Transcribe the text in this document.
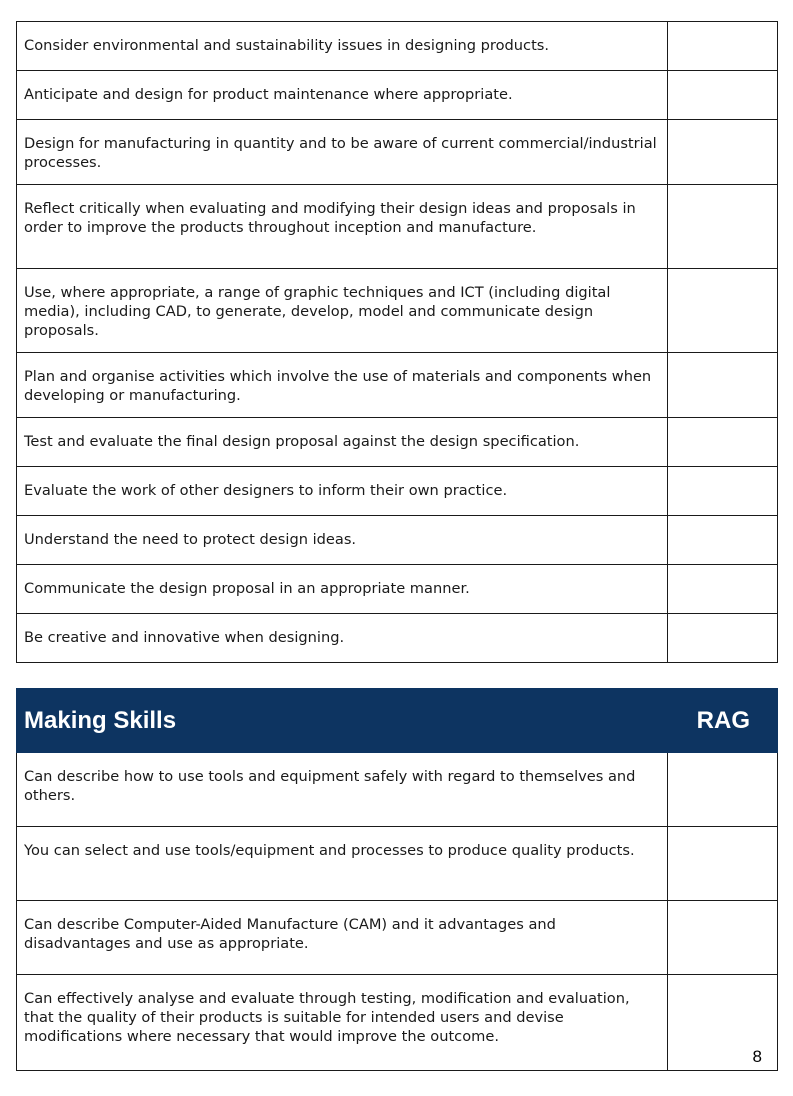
Consider environmental and sustainability issues in designing products.	

Anticipate and design for product maintenance where appropriate.	

Design for manufacturing in quantity and to be aware of current commercial/industrial processes.	

Reflect critically when evaluating and modifying their design ideas and proposals in order to improve the products throughout inception and manufacture.	

Use, where appropriate, a range of graphic techniques and ICT (including digital media), including CAD, to generate, develop, model and communicate design proposals.	

Plan and organise activities which involve the use of materials and components when developing or manufacturing.	

Test and evaluate the final design proposal against the design specification.	

Evaluate the work of other designers to inform their own practice.	

Understand the need to protect design ideas.	

Communicate the design proposal in an appropriate manner.	

Be creative and innovative when designing.	

Making Skills	RAG

Can describe how to use tools and equipment safely with regard to themselves and others.	

You can select and use tools/equipment and processes to produce quality products.	

Can describe Computer-Aided Manufacture (CAM) and it advantages and disadvantages and use as appropriate.	

Can effectively analyse and evaluate through testing, modification and evaluation, that the quality of their products is suitable for intended users and devise modifications where necessary that would improve the outcome.	8
